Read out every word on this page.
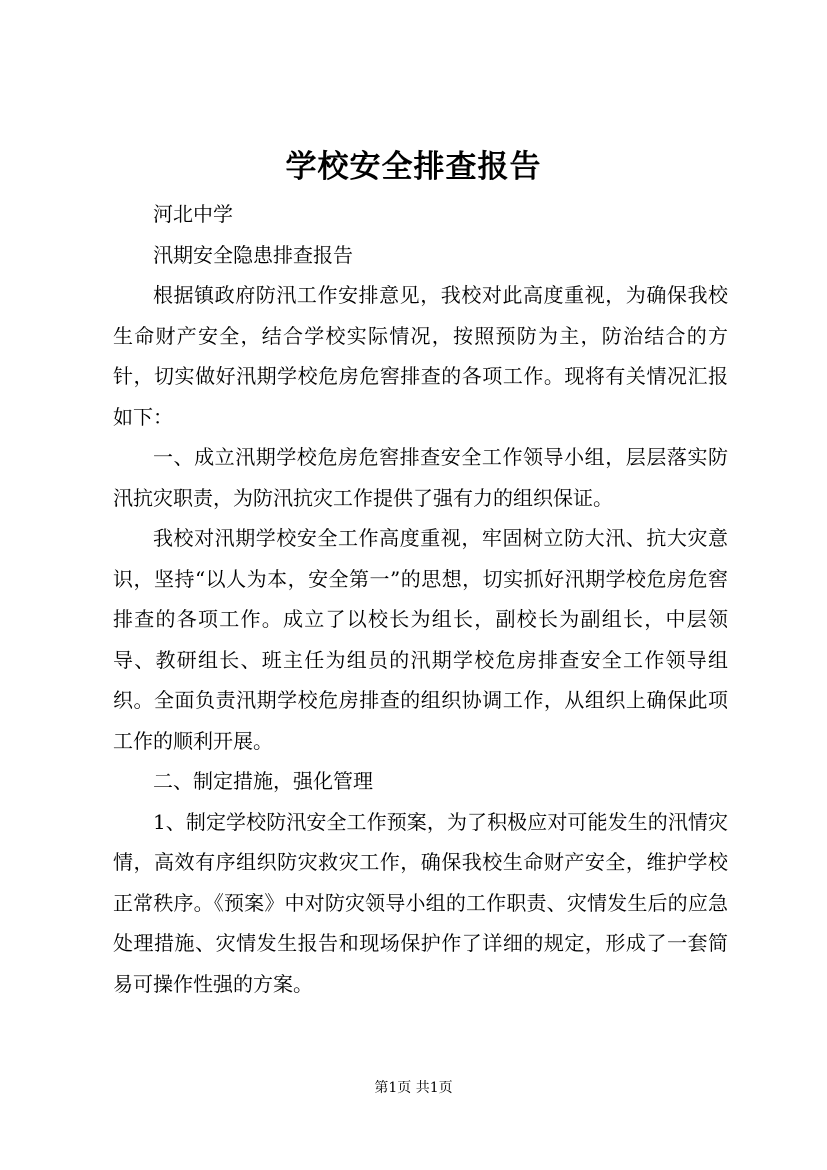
学校安全排查报告

河北中学

汛期安全隐患排查报告

根据镇政府防汛工作安排意见，我校对此高度重视，为确保我校生命财产安全，结合学校实际情况，按照预防为主，防治结合的方针，切实做好汛期学校危房危窖排查的各项工作。现将有关情况汇报如下：

一、成立汛期学校危房危窖排查安全工作领导小组，层层落实防汛抗灾职责，为防汛抗灾工作提供了强有力的组织保证。

我校对汛期学校安全工作高度重视，牢固树立防大汛、抗大灾意识，坚持“以人为本，安全第一”的思想，切实抓好汛期学校危房危窖排查的各项工作。成立了以校长为组长，副校长为副组长，中层领导、教研组长、班主任为组员的汛期学校危房排查安全工作领导组织。全面负责汛期学校危房排查的组织协调工作，从组织上确保此项工作的顺利开展。

二、制定措施，强化管理

1、制定学校防汛安全工作预案，为了积极应对可能发生的汛情灾情，高效有序组织防灾救灾工作，确保我校生命财产安全，维护学校正常秩序。《预案》中对防灾领导小组的工作职责、灾情发生后的应急处理措施、灾情发生报告和现场保护作了详细的规定，形成了一套简易可操作性强的方案。

第1页 共1页
